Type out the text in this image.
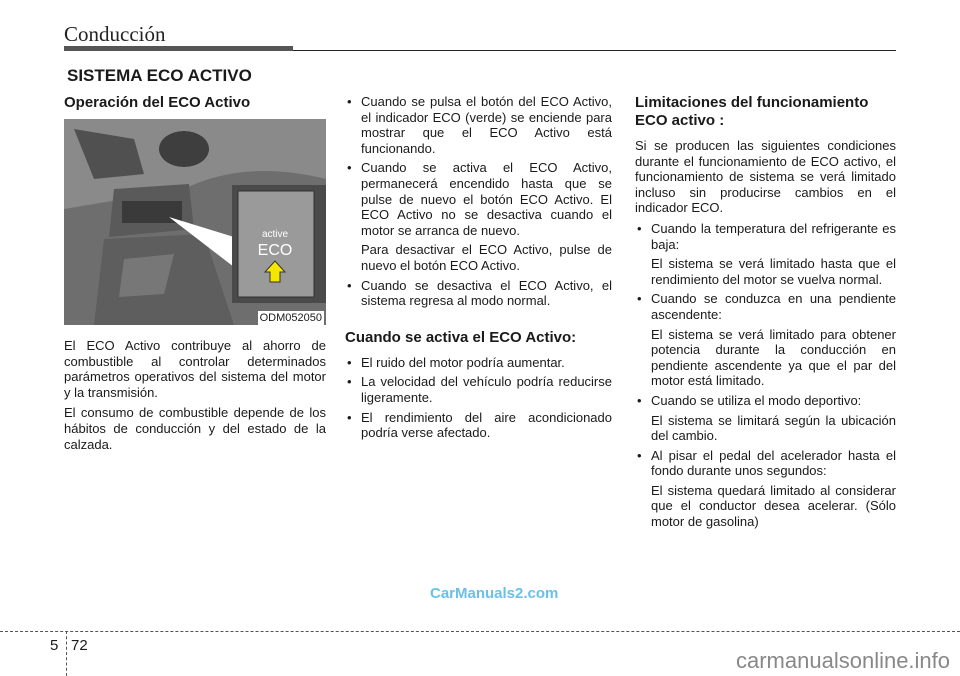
Conducción
SISTEMA ECO ACTIVO
Operación del ECO Activo
active
ECO
ODM052050

El ECO Activo contribuye al ahorro de combustible al controlar determinados parámetros operativos del sistema del motor y la transmisión.

El consumo de combustible depende de los hábitos de conducción y del estado de la calzada.

• Cuando se pulsa el botón del ECO Activo, el indicador ECO (verde) se enciende para mostrar que el ECO Activo está funcionando.
• Cuando se activa el ECO Activo, permanecerá encendido hasta que se pulse de nuevo el botón ECO Activo. El ECO Activo no se desactiva cuando el motor se arranca de nuevo.
Para desactivar el ECO Activo, pulse de nuevo el botón ECO Activo.
• Cuando se desactiva el ECO Activo, el sistema regresa al modo normal.
Cuando se activa el ECO Activo:
• El ruido del motor podría aumentar.
• La velocidad del vehículo podría reducirse ligeramente.
• El rendimiento del aire acondicionado podría verse afectado.
Limitaciones del funcionamiento ECO activo :

Si se producen las siguientes condiciones durante el funcionamiento de ECO activo, el funcionamiento de sistema se verá limitado incluso sin producirse cambios en el indicador ECO.

• Cuando la temperatura del refrigerante es baja:
El sistema se verá limitado hasta que el rendimiento del motor se vuelva normal.
• Cuando se conduzca en una pendiente ascendente:
El sistema se verá limitado para obtener potencia durante la conducción en pendiente ascendente ya que el par del motor está limitado.
• Cuando se utiliza el modo deportivo:
El sistema se limitará según la ubicación del cambio.
• Al pisar el pedal del acelerador hasta el fondo durante unos segundos:
El sistema quedará limitado al considerar que el conductor desea acelerar. (Sólo motor de gasolina)
CarManuals2.com
5 72
carmanualsonline.info
